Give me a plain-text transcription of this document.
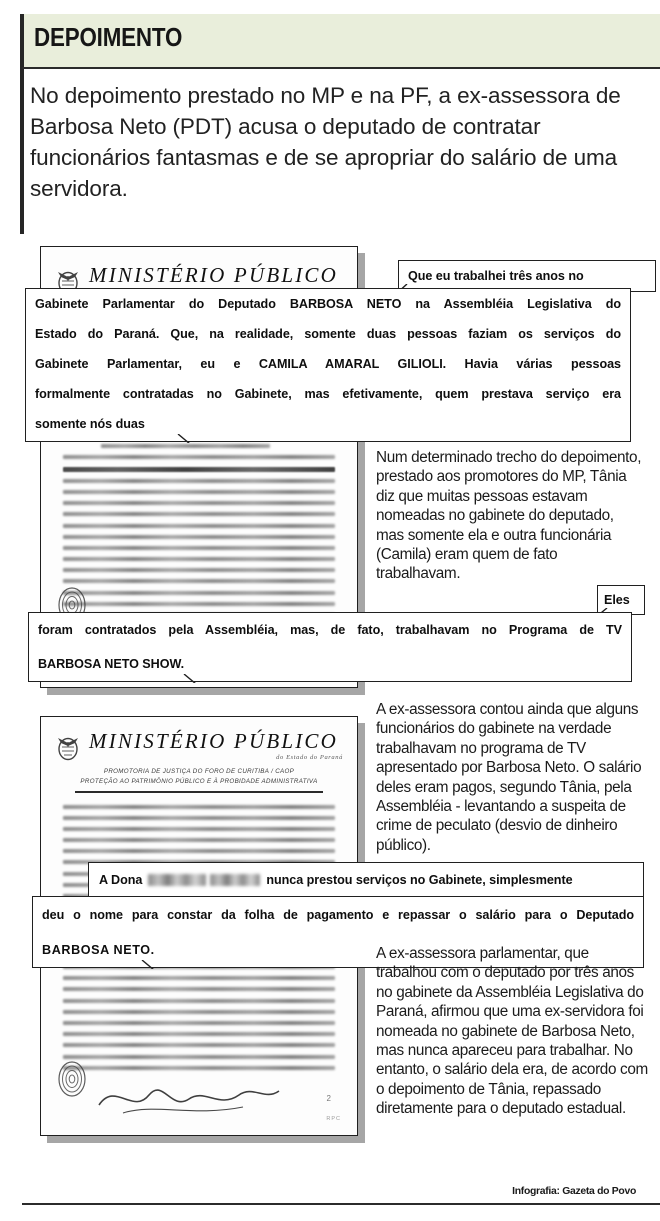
DEPOIMENTO
No depoimento prestado no MP e na PF, a ex-assessora de Barbosa Neto (PDT) acusa o deputado de contratar funcionários fantasmas e de se apropriar do salário de uma servidora.
MINISTÉRIO PÚBLICO
MINISTÉRIO PÚBLICO
do Estado do Paraná
PROMOTORIA DE JUSTIÇA DO FORO DE CURITIBA / CAOP
PROTEÇÃO AO PATRIMÔNIO PÚBLICO E À PROBIDADE ADMINISTRATIVA
2
RPC
Que eu trabalhei três anos no
Gabinete Parlamentar do Deputado BARBOSA NETO na Assembléia Legislativa do
Estado do Paraná. Que, na realidade, somente duas pessoas faziam os serviços do
Gabinete Parlamentar, eu e CAMILA AMARAL GILIOLI. Havia várias pessoas
formalmente contratadas no Gabinete, mas efetivamente, quem prestava serviço era
somente nós duas
Num determinado trecho do depoimento, prestado aos promotores do MP, Tânia diz que muitas pessoas estavam nomeadas no gabinete do deputado, mas somente ela e outra funcionária (Camila) eram quem de fato trabalhavam.
Eles
foram contratados pela Assembléia, mas, de fato, trabalhavam no Programa de TV
BARBOSA NETO SHOW.
A ex-assessora contou ainda que alguns funcionários do gabinete na verdade trabalhavam no programa de TV apresentado por Barbosa Neto. O salário deles eram pagos, segundo Tânia, pela Assembléia - levantando a suspeita de crime de peculato (desvio de dinheiro público).
A Dona	nunca prestou serviços no Gabinete, simplesmente
deu o nome para constar da folha de pagamento e repassar o salário para o Deputado
BARBOSA NETO.	A ex-assessora parlamentar, que trabalhou com o deputado por três anos no gabinete da Assembléia Legislativa do Paraná, afirmou que uma ex-servidora foi nomeada no gabinete de Barbosa Neto, mas nunca apareceu para trabalhar. No entanto, o salário dela era, de acordo com o depoimento de Tânia, repassado diretamente para o deputado estadual.
Infografia: Gazeta do Povo
